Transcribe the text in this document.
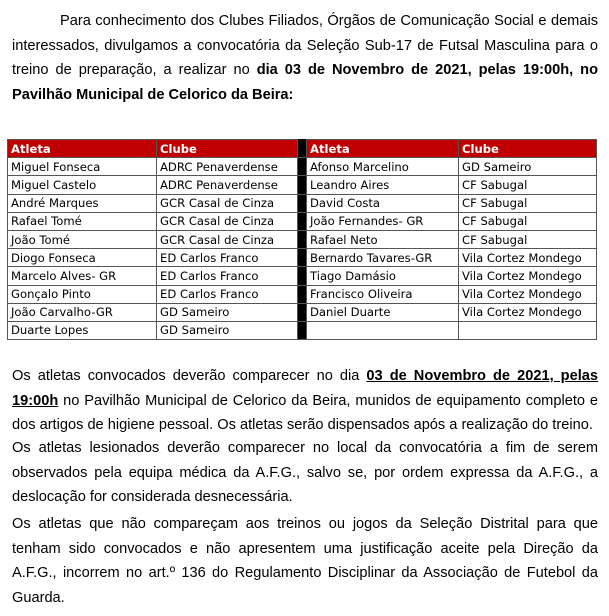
Para conhecimento dos Clubes Filiados, Órgãos de Comunicação Social e demais interessados, divulgamos a convocatória da Seleção Sub-17 de Futsal Masculina para o treino de preparação, a realizar no dia 03 de Novembro de 2021, pelas 19:00h, no Pavilhão Municipal de Celorico da Beira:

Atleta	Clube		Atleta	Clube
Miguel Fonseca	ADRC Penaverdense		Afonso Marcelino	GD Sameiro
Miguel Castelo	ADRC Penaverdense		Leandro Aires	CF Sabugal
André Marques	GCR Casal de Cinza		David Costa	CF Sabugal
Rafael Tomé	GCR Casal de Cinza		João Fernandes- GR	CF Sabugal
João Tomé	GCR Casal de Cinza		Rafael Neto	CF Sabugal
Diogo Fonseca	ED Carlos Franco		Bernardo Tavares-GR	Vila Cortez Mondego
Marcelo Alves- GR	ED Carlos Franco		Tiago Damásio	Vila Cortez Mondego
Gonçalo Pinto	ED Carlos Franco		Francisco Oliveira	Vila Cortez Mondego
João Carvalho-GR	GD Sameiro		Daniel Duarte	Vila Cortez Mondego
Duarte Lopes	GD Sameiro			

Os atletas convocados deverão comparecer no dia 03 de Novembro de 2021, pelas 19:00h no Pavilhão Municipal de Celorico da Beira, munidos de equipamento completo e dos artigos de higiene pessoal. Os atletas serão dispensados após a realização do treino.

Os atletas lesionados deverão comparecer no local da convocatória a fim de serem observados pela equipa médica da A.F.G., salvo se, por ordem expressa da A.F.G., a deslocação for considerada desnecessária.

Os atletas que não compareçam aos treinos ou jogos da Seleção Distrital para que tenham sido convocados e não apresentem uma justificação aceite pela Direção da A.F.G., incorrem no art.º 136 do Regulamento Disciplinar da Associação de Futebol da Guarda.
